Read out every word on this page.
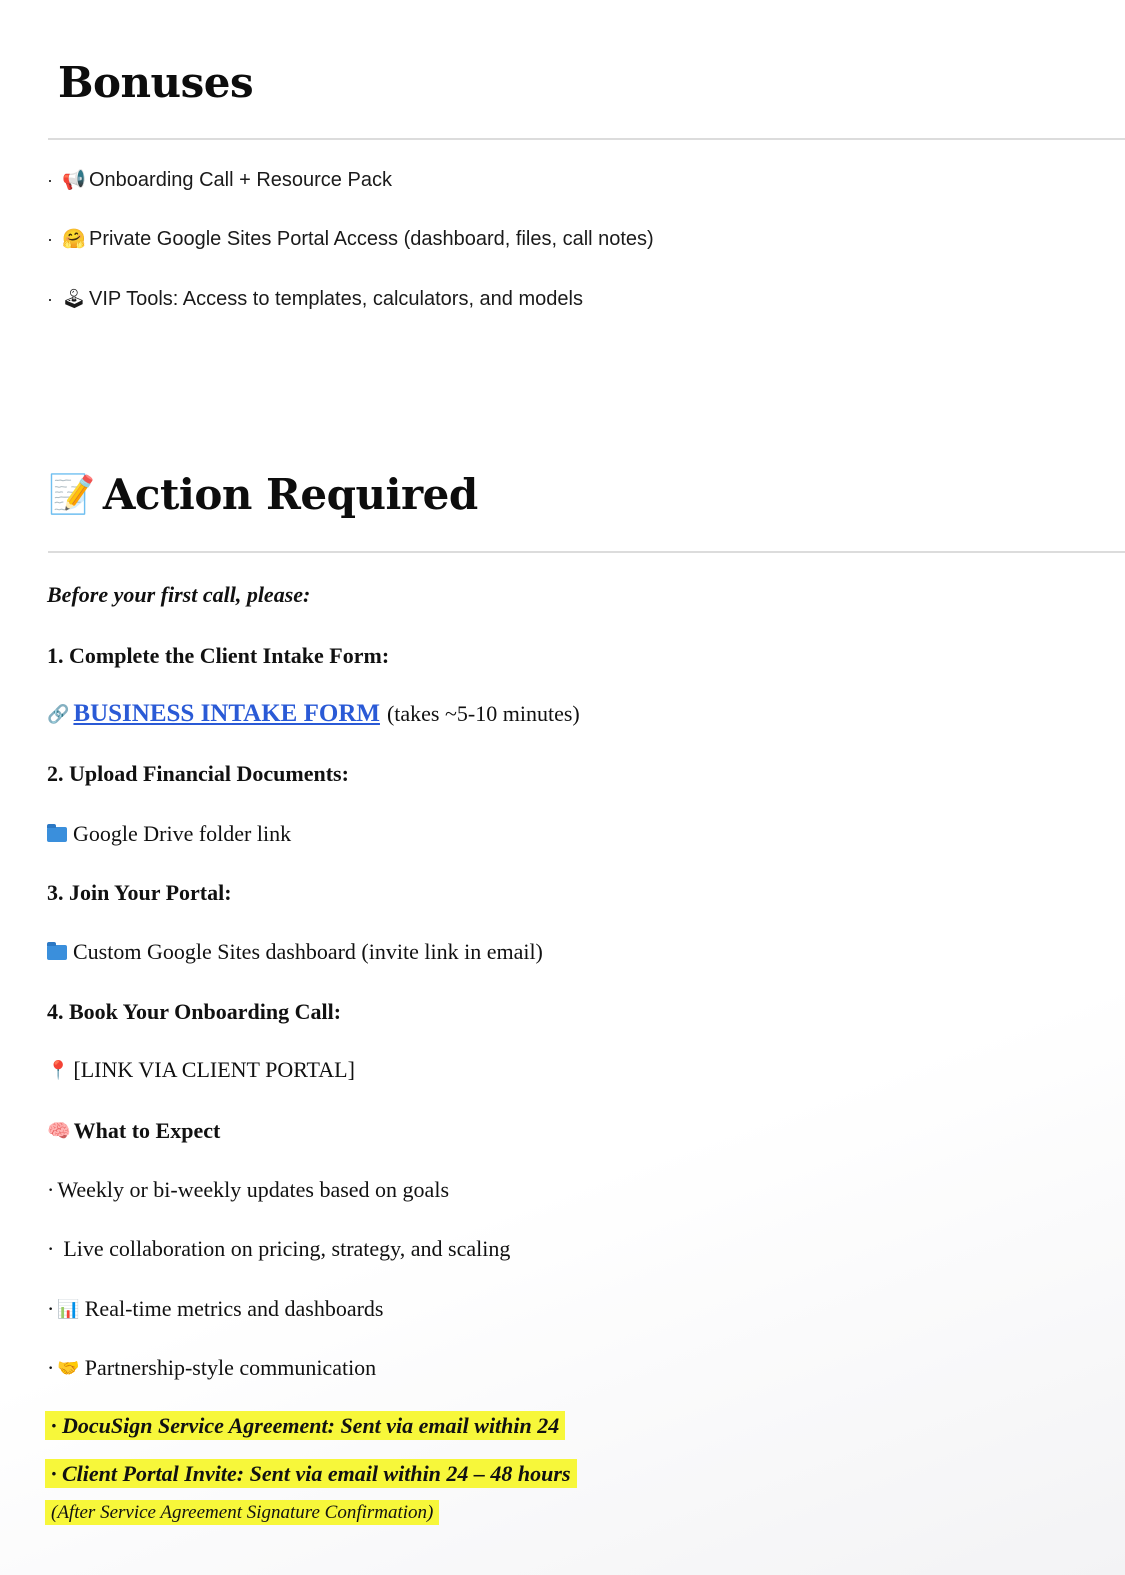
Bonuses
· 📢 Onboarding Call + Resource Pack
· 🤗 Private Google Sites Portal Access (dashboard, files, call notes)
· 🕹 VIP Tools: Access to templates, calculators, and models
📝 Action Required
Before your first call, please:
1. Complete the Client Intake Form:
🔗 BUSINESS INTAKE FORM (takes ~5-10 minutes)
2. Upload Financial Documents:
Google Drive folder link
3. Join Your Portal:
Custom Google Sites dashboard (invite link in email)
4. Book Your Onboarding Call:
📍 [LINK VIA CLIENT PORTAL]
🧠 What to Expect
· Weekly or bi-weekly updates based on goals
· Live collaboration on pricing, strategy, and scaling
· 📊 Real-time metrics and dashboards
· 🤝 Partnership-style communication
· DocuSign Service Agreement: Sent via email within 24
· Client Portal Invite: Sent via email within 24 – 48 hours
(After Service Agreement Signature Confirmation)
